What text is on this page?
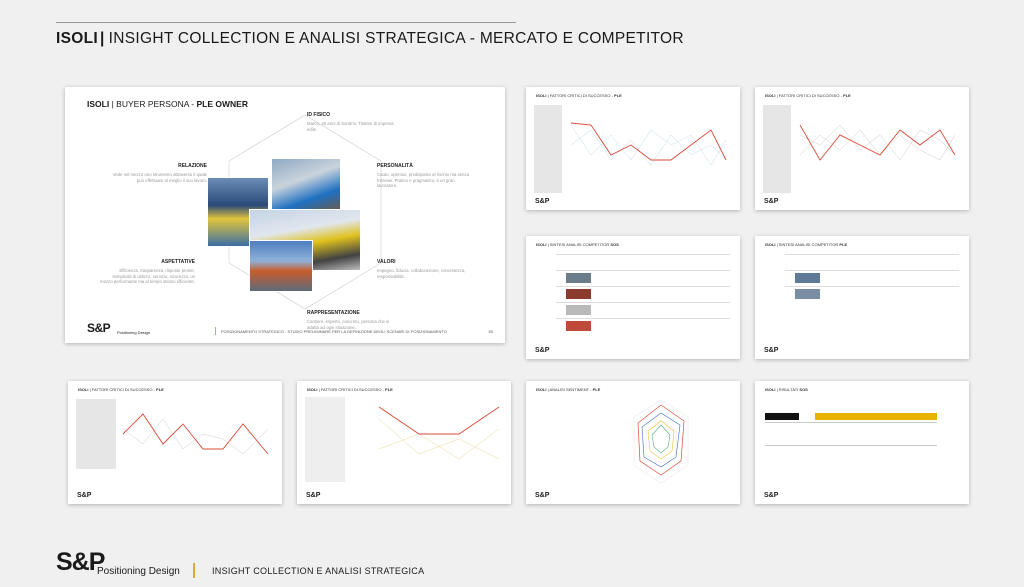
ISOLI | INSIGHT COLLECTION E ANALISI STRATEGICA - MERCATO E COMPETITOR
ISOLI | BUYER PERSONA - PLE OWNER
ID FISICO
Marco, 40 anni di Sondrio, Titolare di impresa edile
RELAZIONE
Vede nel mezzo uno strumento attraverso il quale può effettuare al meglio il suo lavoro.
PERSONALITÀ
Cauto, operoso, predisposto al rischio ma senza frenesie. Pratico e pragmatico, è un gran lavoratore.
ASPETTATIVE
Efficienza, trasparenza, risposte pronte, semplicità di utilizzo, servizio, sicurezza, un mezzo performante ma al tempo stesso efficiente.
VALORI
Impegno, fiducia, collaborazione, concretezza, responsabilità.
RAPPRESENTAZIONE
Cantiere, esperto, concreto, persona che si adatta ad ogni situazione.
S&P Positioning Design	POSIZIONAMENTO STRATEGICO - STUDIO PRELIMINARE PER LA DEFINIZIONE DEGLI SCENARI DI POSIZIONAMENTO	50
ISOLI | FATTORI CRITICI DI SUCCESSO - PLE
S&P
ISOLI | FATTORI CRITICI DI SUCCESSO - PLE
S&P
ISOLI | SINTESI ANALISI COMPETITOR SOS
S&P
ISOLI | SINTESI ANALISI COMPETITOR PLE
S&P
ISOLI | FATTORI CRITICI DI SUCCESSO - PLE
S&P
ISOLI | FATTORI CRITICI DI SUCCESSO - PLE
S&P
ISOLI | ANALISI SENTIMENT - PLE
S&P
ISOLI | RISULTATI SOS
S&P
S&P
Positioning Design	INSIGHT COLLECTION E ANALISI STRATEGICA
